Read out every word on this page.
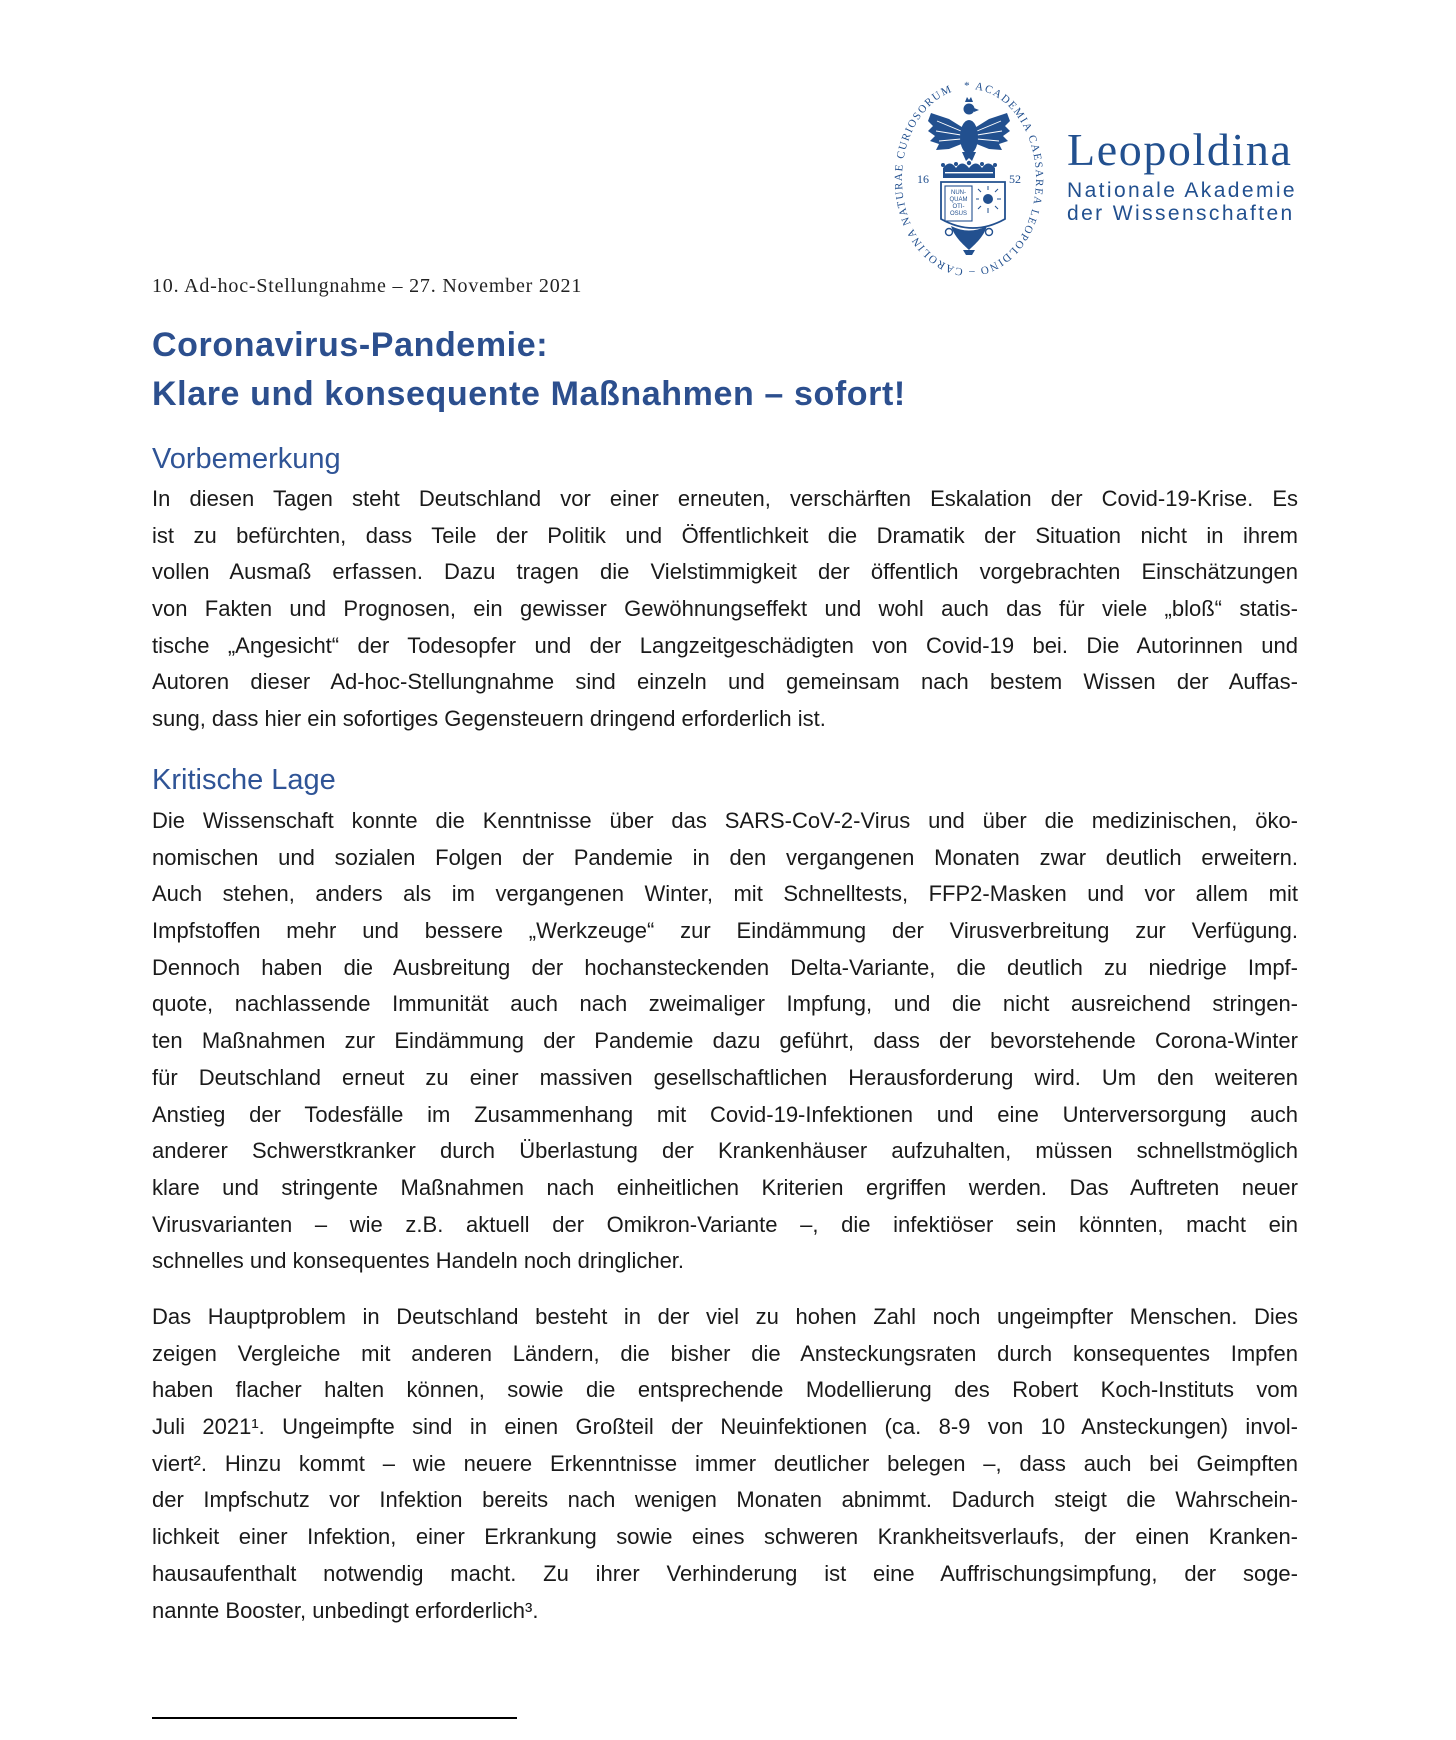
* ACADEMIA CAESAREA LEOPOLDINO – CAROLINA NATURAE CURIOSORUM
16	52
NUN-
QUAM
OTI-
OSUS
Leopoldina
Nationale Akademie
der Wissenschaften
10. Ad-hoc-Stellungnahme – 27. November 2021
Coronavirus-Pandemie:
Klare und konsequente Maßnahmen – sofort!
Vorbemerkung
In diesen Tagen steht Deutschland vor einer erneuten, verschärften Eskalation der Covid-19-Krise. Es
ist zu befürchten, dass Teile der Politik und Öffentlichkeit die Dramatik der Situation nicht in ihrem
vollen Ausmaß erfassen. Dazu tragen die Vielstimmigkeit der öffentlich vorgebrachten Einschätzungen
von Fakten und Prognosen, ein gewisser Gewöhnungseffekt und wohl auch das für viele „bloß“ statis-
tische „Angesicht“ der Todesopfer und der Langzeitgeschädigten von Covid-19 bei. Die Autorinnen und
Autoren dieser Ad-hoc-Stellungnahme sind einzeln und gemeinsam nach bestem Wissen der Auffas-
sung, dass hier ein sofortiges Gegensteuern dringend erforderlich ist.
Kritische Lage
Die Wissenschaft konnte die Kenntnisse über das SARS-CoV-2-Virus und über die medizinischen, öko-
nomischen und sozialen Folgen der Pandemie in den vergangenen Monaten zwar deutlich erweitern.
Auch stehen, anders als im vergangenen Winter, mit Schnelltests, FFP2-Masken und vor allem mit
Impfstoffen mehr und bessere „Werkzeuge“ zur Eindämmung der Virusverbreitung zur Verfügung.
Dennoch haben die Ausbreitung der hochansteckenden Delta-Variante, die deutlich zu niedrige Impf-
quote, nachlassende Immunität auch nach zweimaliger Impfung, und die nicht ausreichend stringen-
ten Maßnahmen zur Eindämmung der Pandemie dazu geführt, dass der bevorstehende Corona-Winter
für Deutschland erneut zu einer massiven gesellschaftlichen Herausforderung wird. Um den weiteren
Anstieg der Todesfälle im Zusammenhang mit Covid-19-Infektionen und eine Unterversorgung auch
anderer Schwerstkranker durch Überlastung der Krankenhäuser aufzuhalten, müssen schnellstmöglich
klare und stringente Maßnahmen nach einheitlichen Kriterien ergriffen werden. Das Auftreten neuer
Virusvarianten – wie z.B. aktuell der Omikron-Variante –, die infektiöser sein könnten, macht ein
schnelles und konsequentes Handeln noch dringlicher.
Das Hauptproblem in Deutschland besteht in der viel zu hohen Zahl noch ungeimpfter Menschen. Dies
zeigen Vergleiche mit anderen Ländern, die bisher die Ansteckungsraten durch konsequentes Impfen
haben flacher halten können, sowie die entsprechende Modellierung des Robert Koch-Instituts vom
Juli 2021¹. Ungeimpfte sind in einen Großteil der Neuinfektionen (ca. 8-9 von 10 Ansteckungen) invol-
viert². Hinzu kommt – wie neuere Erkenntnisse immer deutlicher belegen –, dass auch bei Geimpften
der Impfschutz vor Infektion bereits nach wenigen Monaten abnimmt. Dadurch steigt die Wahrschein-
lichkeit einer Infektion, einer Erkrankung sowie eines schweren Krankheitsverlaufs, der einen Kranken-
hausaufenthalt notwendig macht. Zu ihrer Verhinderung ist eine Auffrischungsimpfung, der soge-
nannte Booster, unbedingt erforderlich³.
